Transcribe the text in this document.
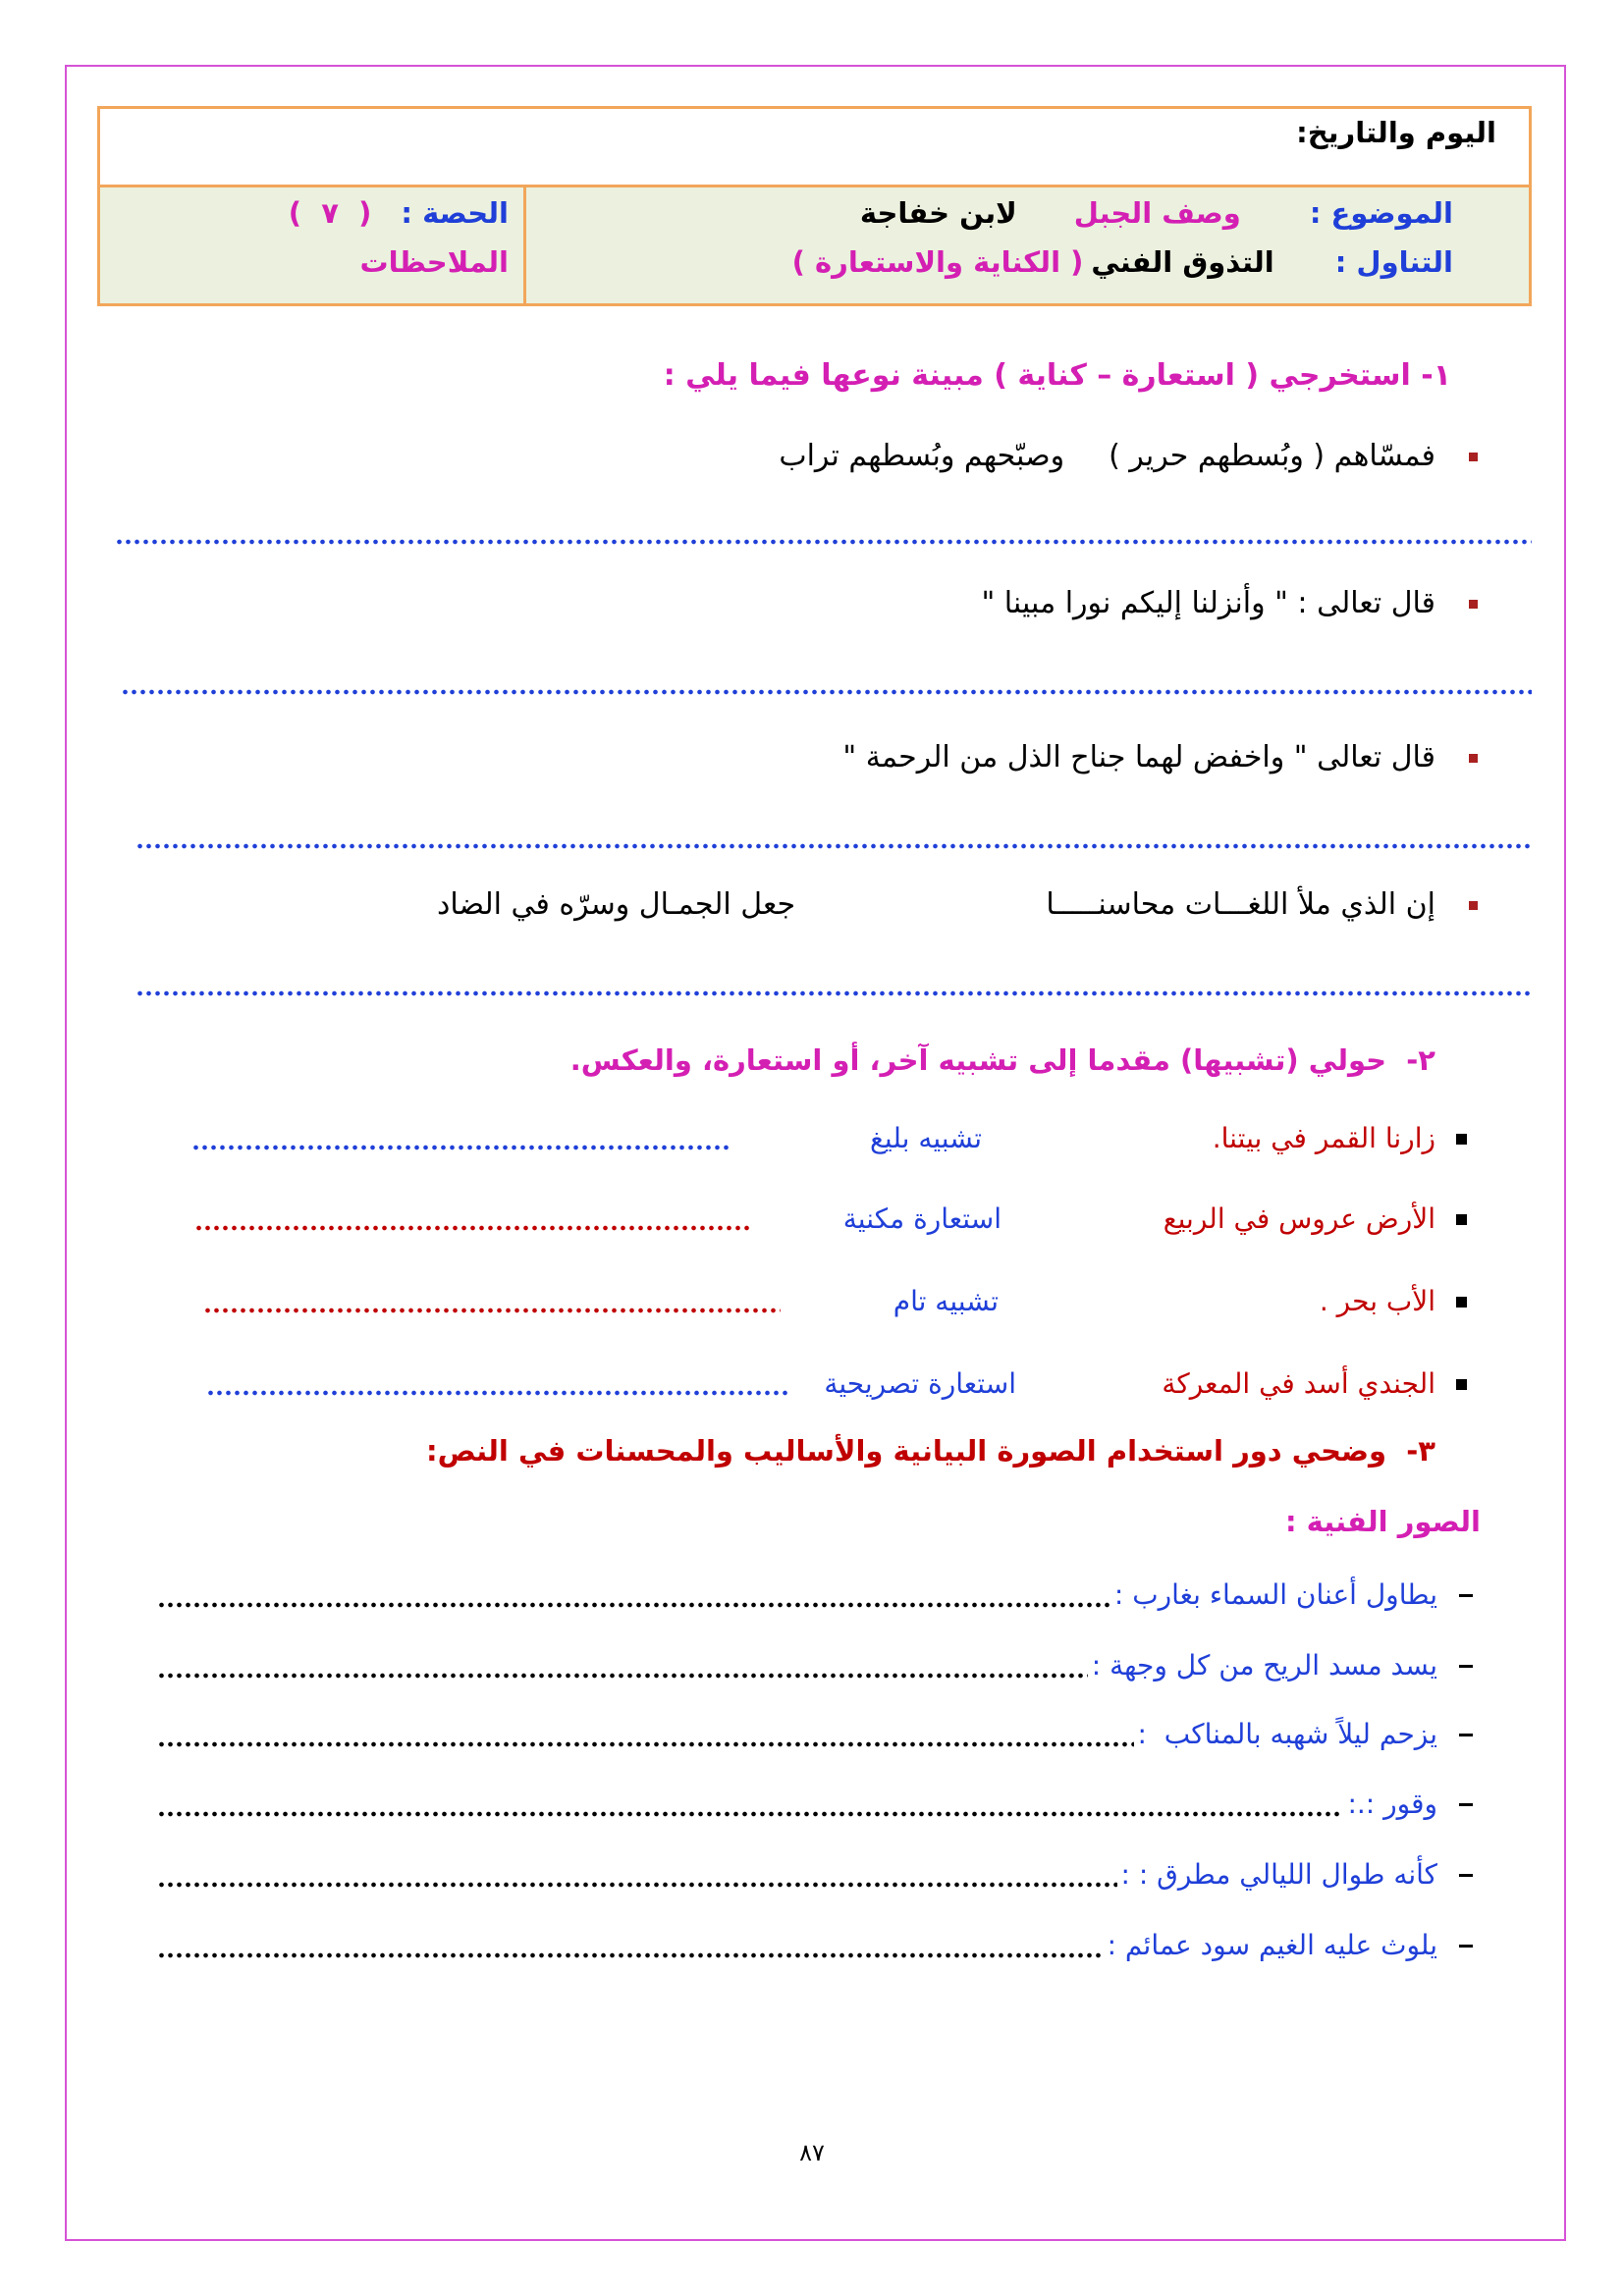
اليوم والتاريخ:
الموضوع :
وصف الجبل
لابن خفاجة
التناول :
التذوق الفني
( الكناية والاستعارة )
الحصة :
(  ٧  )
الملاحظات
١- استخرجي ( استعارة – كناية ) مبينة نوعها فيما يلي :
فمسّاهم ( وبُسطهم حرير )
وصبّحهم وبُسطهم تراب
قال تعالى : " وأنزلنا إليكم نورا مبينا "
قال تعالى " واخفض لهما جناح الذل من الرحمة "
إن الذي ملأ اللغـــات محاسنـــــا
جعل الجمـال وسرّه في الضاد
٢-  حولي (تشبيها) مقدما إلى تشبيه آخر، أو استعارة، والعكس.
زارنا القمر في بيتنا.
تشبيه بليغ
الأرض عروس في الربيع
استعارة مكنية
الأب بحر .
تشبيه تام
الجندي أسد في المعركة
استعارة تصريحية
٣-  وضحي دور استخدام الصورة البيانية والأساليب والمحسنات في النص:
الصور الفنية :
يطاول أعنان السماء بغارب :
يسد مسد الريح من كل وجهة :
يزحم ليلاً شهبه بالمناكب  :
وقور :.:
كأنه طوال الليالي مطرق : :
يلوث عليه الغيم سود عمائم :
٨٧
